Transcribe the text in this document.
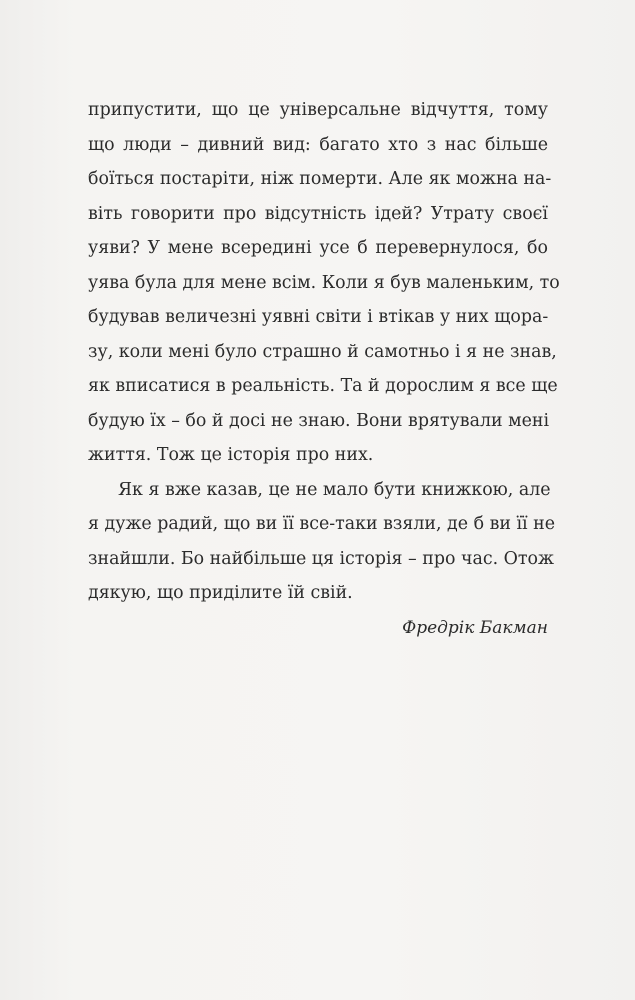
припустити, що це універсальне відчуття, тому
що люди – дивний вид: багато хто з нас більше
боїться постаріти, ніж померти. Але як можна на-
віть говорити про відсутність ідей? Утрату своєї
уяви? У мене всередині усе б перевернулося, бо
уява була для мене всім. Коли я був маленьким, то
будував величезні уявні світи і втікав у них щора-
зу, коли мені було страшно й самотньо і я не знав,
як вписатися в реальність. Та й дорослим я все ще
будую їх – бо й досі не знаю. Вони врятували мені
життя. Тож це історія про них.
Як я вже казав, це не мало бути книжкою, але
я дуже радий, що ви її все-таки взяли, де б ви її не
знайшли. Бо найбільше ця історія – про час. Отож
дякую, що приділите їй свій.
Фредрік Бакман
